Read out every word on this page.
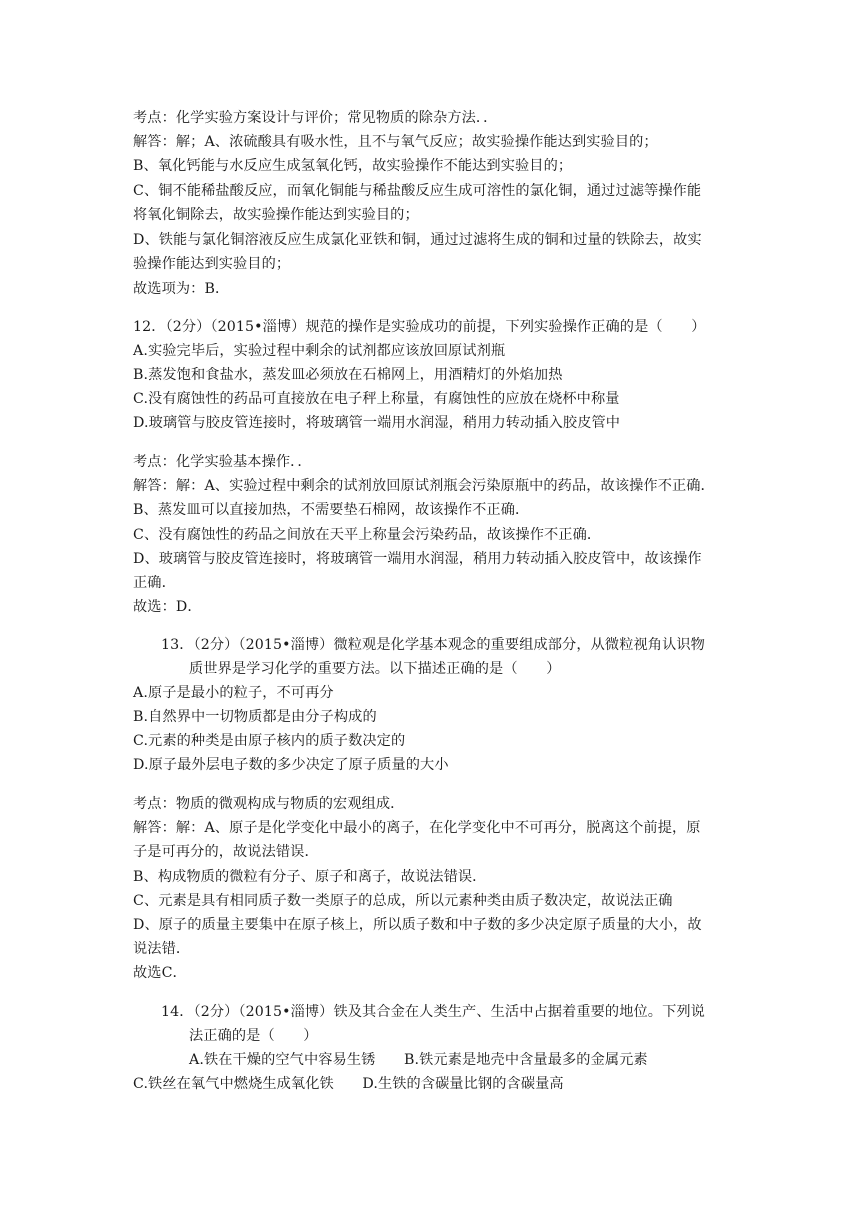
考点：化学实验方案设计与评价；常见物质的除杂方法．．
解答：解；A、浓硫酸具有吸水性，且不与氧气反应；故实验操作能达到实验目的；
B、氧化钙能与水反应生成氢氧化钙，故实验操作不能达到实验目的；
C、铜不能稀盐酸反应，而氧化铜能与稀盐酸反应生成可溶性的氯化铜，通过过滤等操作能
将氧化铜除去，故实验操作能达到实验目的；
D、铁能与氯化铜溶液反应生成氯化亚铁和铜，通过过滤将生成的铜和过量的铁除去，故实
验操作能达到实验目的；
故选项为：B．
12．（2分）（2015•淄博）规范的操作是实验成功的前提，下列实验操作正确的是（　　）
A.实验完毕后，实验过程中剩余的试剂都应该放回原试剂瓶
B.蒸发饱和食盐水，蒸发皿必须放在石棉网上，用酒精灯的外焰加热
C.没有腐蚀性的药品可直接放在电子秤上称量，有腐蚀性的应放在烧杯中称量
D.玻璃管与胶皮管连接时，将玻璃管一端用水润湿，稍用力转动插入胶皮管中
考点：化学实验基本操作．．
解答：解：A、实验过程中剩余的试剂放回原试剂瓶会污染原瓶中的药品，故该操作不正确．
B、蒸发皿可以直接加热，不需要垫石棉网，故该操作不正确．
C、没有腐蚀性的药品之间放在天平上称量会污染药品，故该操作不正确．
D、玻璃管与胶皮管连接时，将玻璃管一端用水润湿，稍用力转动插入胶皮管中，故该操作
正确．
故选：D．
13．（2分）（2015•淄博）微粒观是化学基本观念的重要组成部分，从微粒视角认识物
质世界是学习化学的重要方法。以下描述正确的是（　　）
A.原子是最小的粒子，不可再分
B.自然界中一切物质都是由分子构成的
C.元素的种类是由原子核内的质子数决定的
D.原子最外层电子数的多少决定了原子质量的大小
考点：物质的微观构成与物质的宏观组成．
解答：解：A、原子是化学变化中最小的离子，在化学变化中不可再分，脱离这个前提，原
子是可再分的，故说法错误．
B、构成物质的微粒有分子、原子和离子，故说法错误．
C、元素是具有相同质子数一类原子的总成，所以元素种类由质子数决定，故说法正确
D、原子的质量主要集中在原子核上，所以质子数和中子数的多少决定原子质量的大小，故
说法错．
故选C．
14．（2分）（2015•淄博）铁及其合金在人类生产、生活中占据着重要的地位。下列说
法正确的是（　　）
A.铁在干燥的空气中容易生锈　　B.铁元素是地壳中含量最多的金属元素
C.铁丝在氧气中燃烧生成氧化铁　　D.生铁的含碳量比钢的含碳量高
